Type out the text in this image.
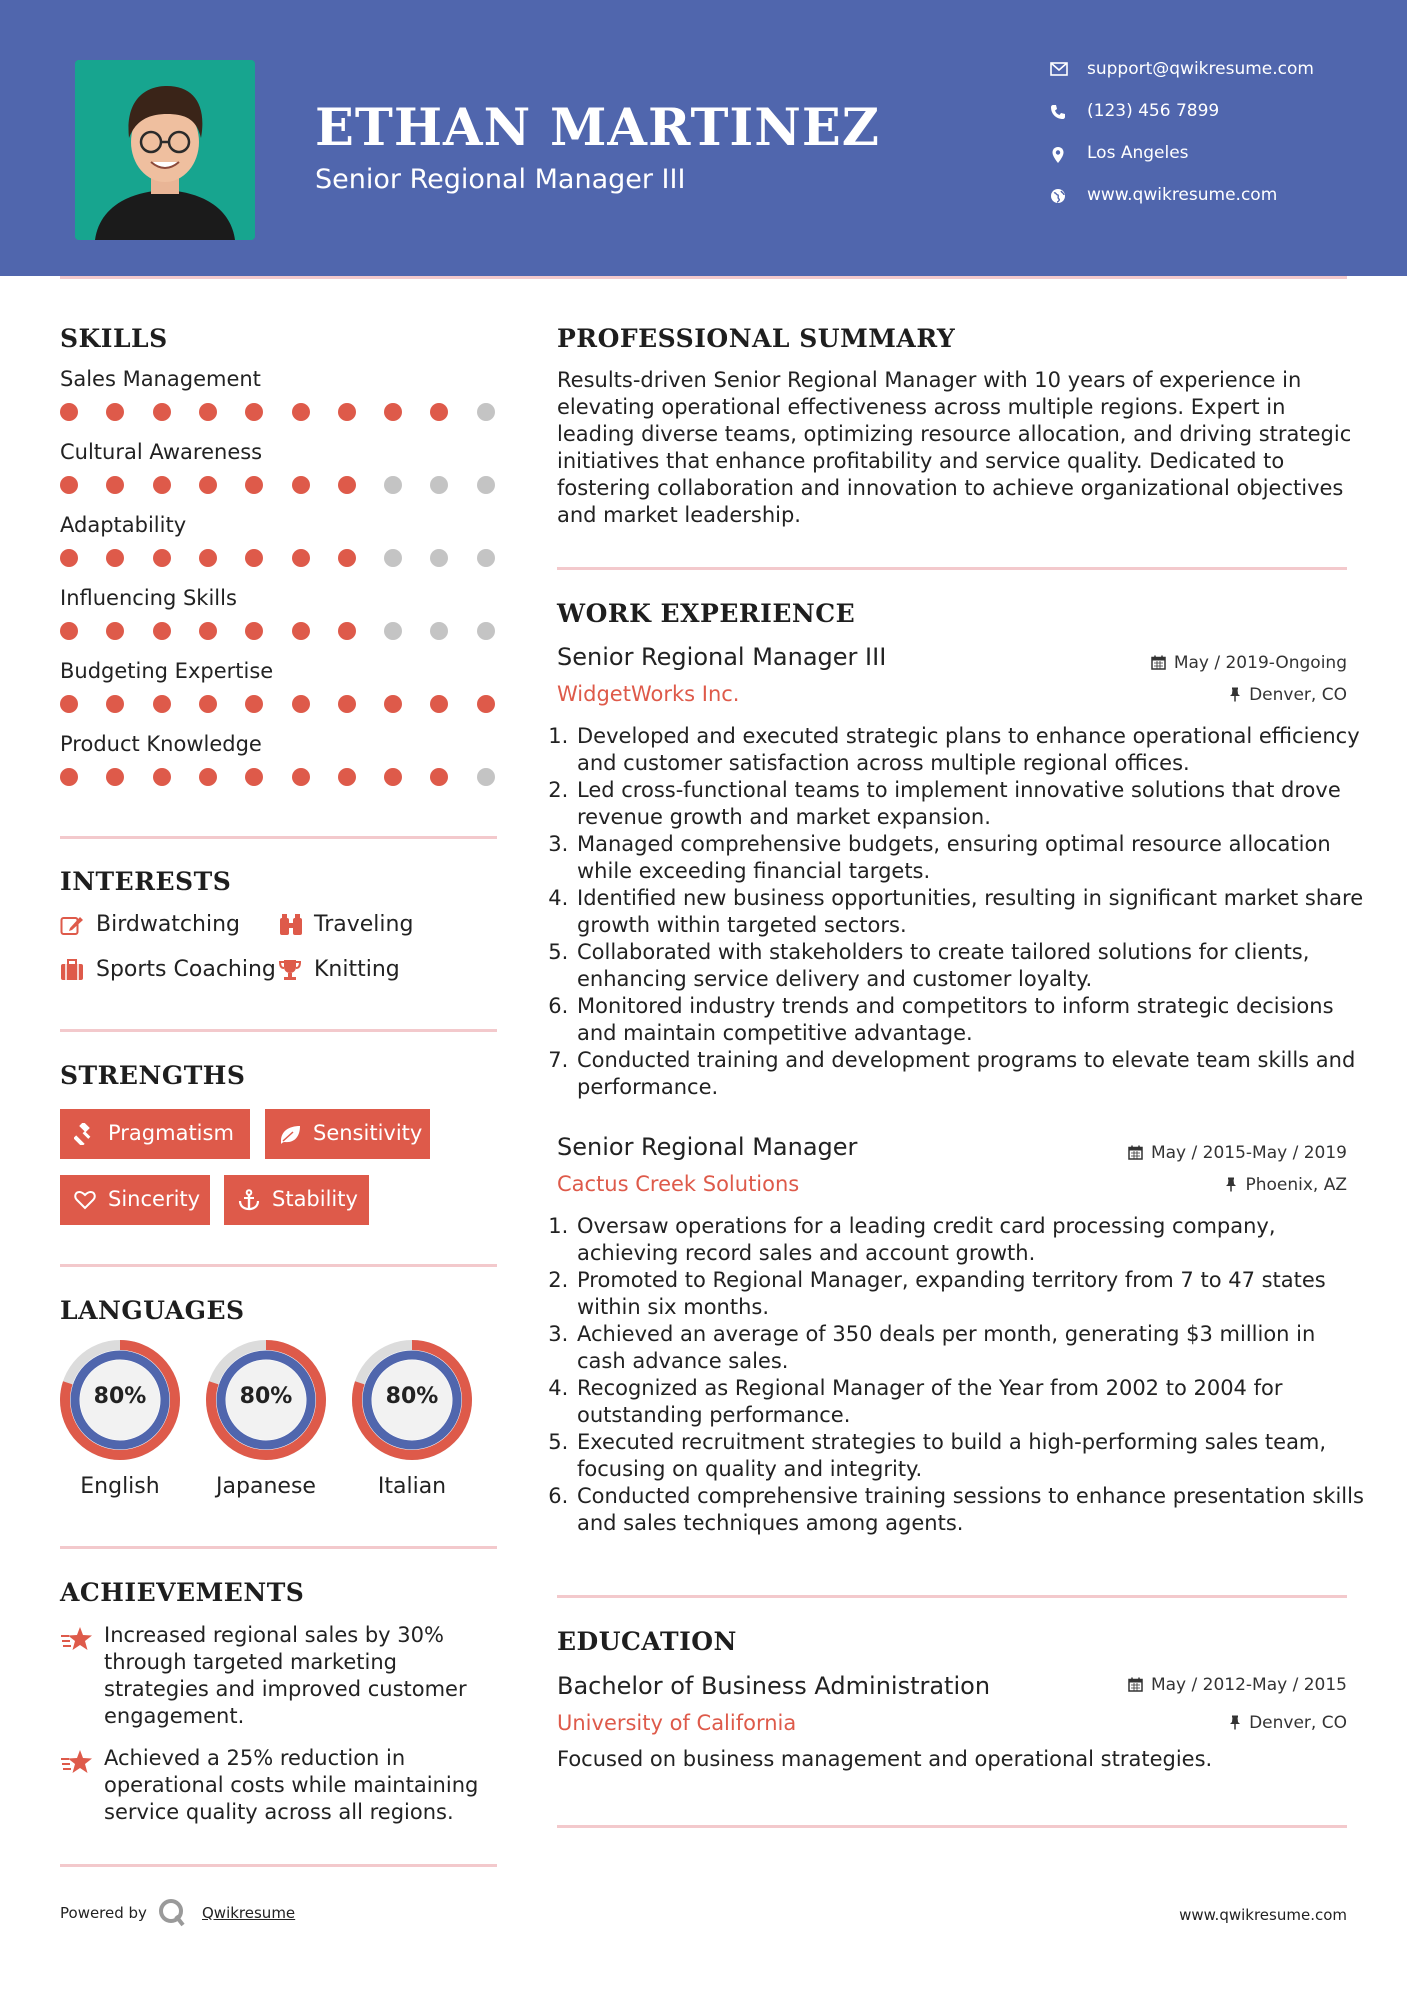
ETHAN MARTINEZ
Senior Regional Manager III
support@qwikresume.com
(123) 456 7899
Los Angeles
www.qwikresume.com
SKILLS
Sales Management
Cultural Awareness
Adaptability
Influencing Skills
Budgeting Expertise
Product Knowledge
INTERESTS
Birdwatching	Traveling
Sports Coaching Knitting
STRENGTHS
Pragmatism	Sensitivity
Sincerity	Stability
LANGUAGES
80%
English
80%
Japanese
80%
Italian
ACHIEVEMENTS
Increased regional sales by 30% through targeted marketing strategies and improved customer engagement.
Achieved a 25% reduction in operational costs while maintaining service quality across all regions.
PROFESSIONAL SUMMARY
Results-driven Senior Regional Manager with 10 years of experience in elevating operational effectiveness across multiple regions. Expert in leading diverse teams, optimizing resource allocation, and driving strategic initiatives that enhance profitability and service quality. Dedicated to fostering collaboration and innovation to achieve organizational objectives and market leadership.
WORK EXPERIENCE
Senior Regional Manager III	May / 2019-Ongoing
WidgetWorks Inc.	Denver, CO
1. Developed and executed strategic plans to enhance operational efficiency and customer satisfaction across multiple regional offices.
2. Led cross-functional teams to implement innovative solutions that drove revenue growth and market expansion.
3. Managed comprehensive budgets, ensuring optimal resource allocation while exceeding financial targets.
4. Identified new business opportunities, resulting in significant market share growth within targeted sectors.
5. Collaborated with stakeholders to create tailored solutions for clients, enhancing service delivery and customer loyalty.
6. Monitored industry trends and competitors to inform strategic decisions and maintain competitive advantage.
7. Conducted training and development programs to elevate team skills and performance.
Senior Regional Manager	May / 2015-May / 2019
Cactus Creek Solutions	Phoenix, AZ
1. Oversaw operations for a leading credit card processing company, achieving record sales and account growth.
2. Promoted to Regional Manager, expanding territory from 7 to 47 states within six months.
3. Achieved an average of 350 deals per month, generating $3 million in cash advance sales.
4. Recognized as Regional Manager of the Year from 2002 to 2004 for outstanding performance.
5. Executed recruitment strategies to build a high-performing sales team, focusing on quality and integrity.
6. Conducted comprehensive training sessions to enhance presentation skills and sales techniques among agents.
EDUCATION
Bachelor of Business Administration	May / 2012-May / 2015
University of California	Denver, CO
Focused on business management and operational strategies.
Powered by	Qwikresume	www.qwikresume.com
